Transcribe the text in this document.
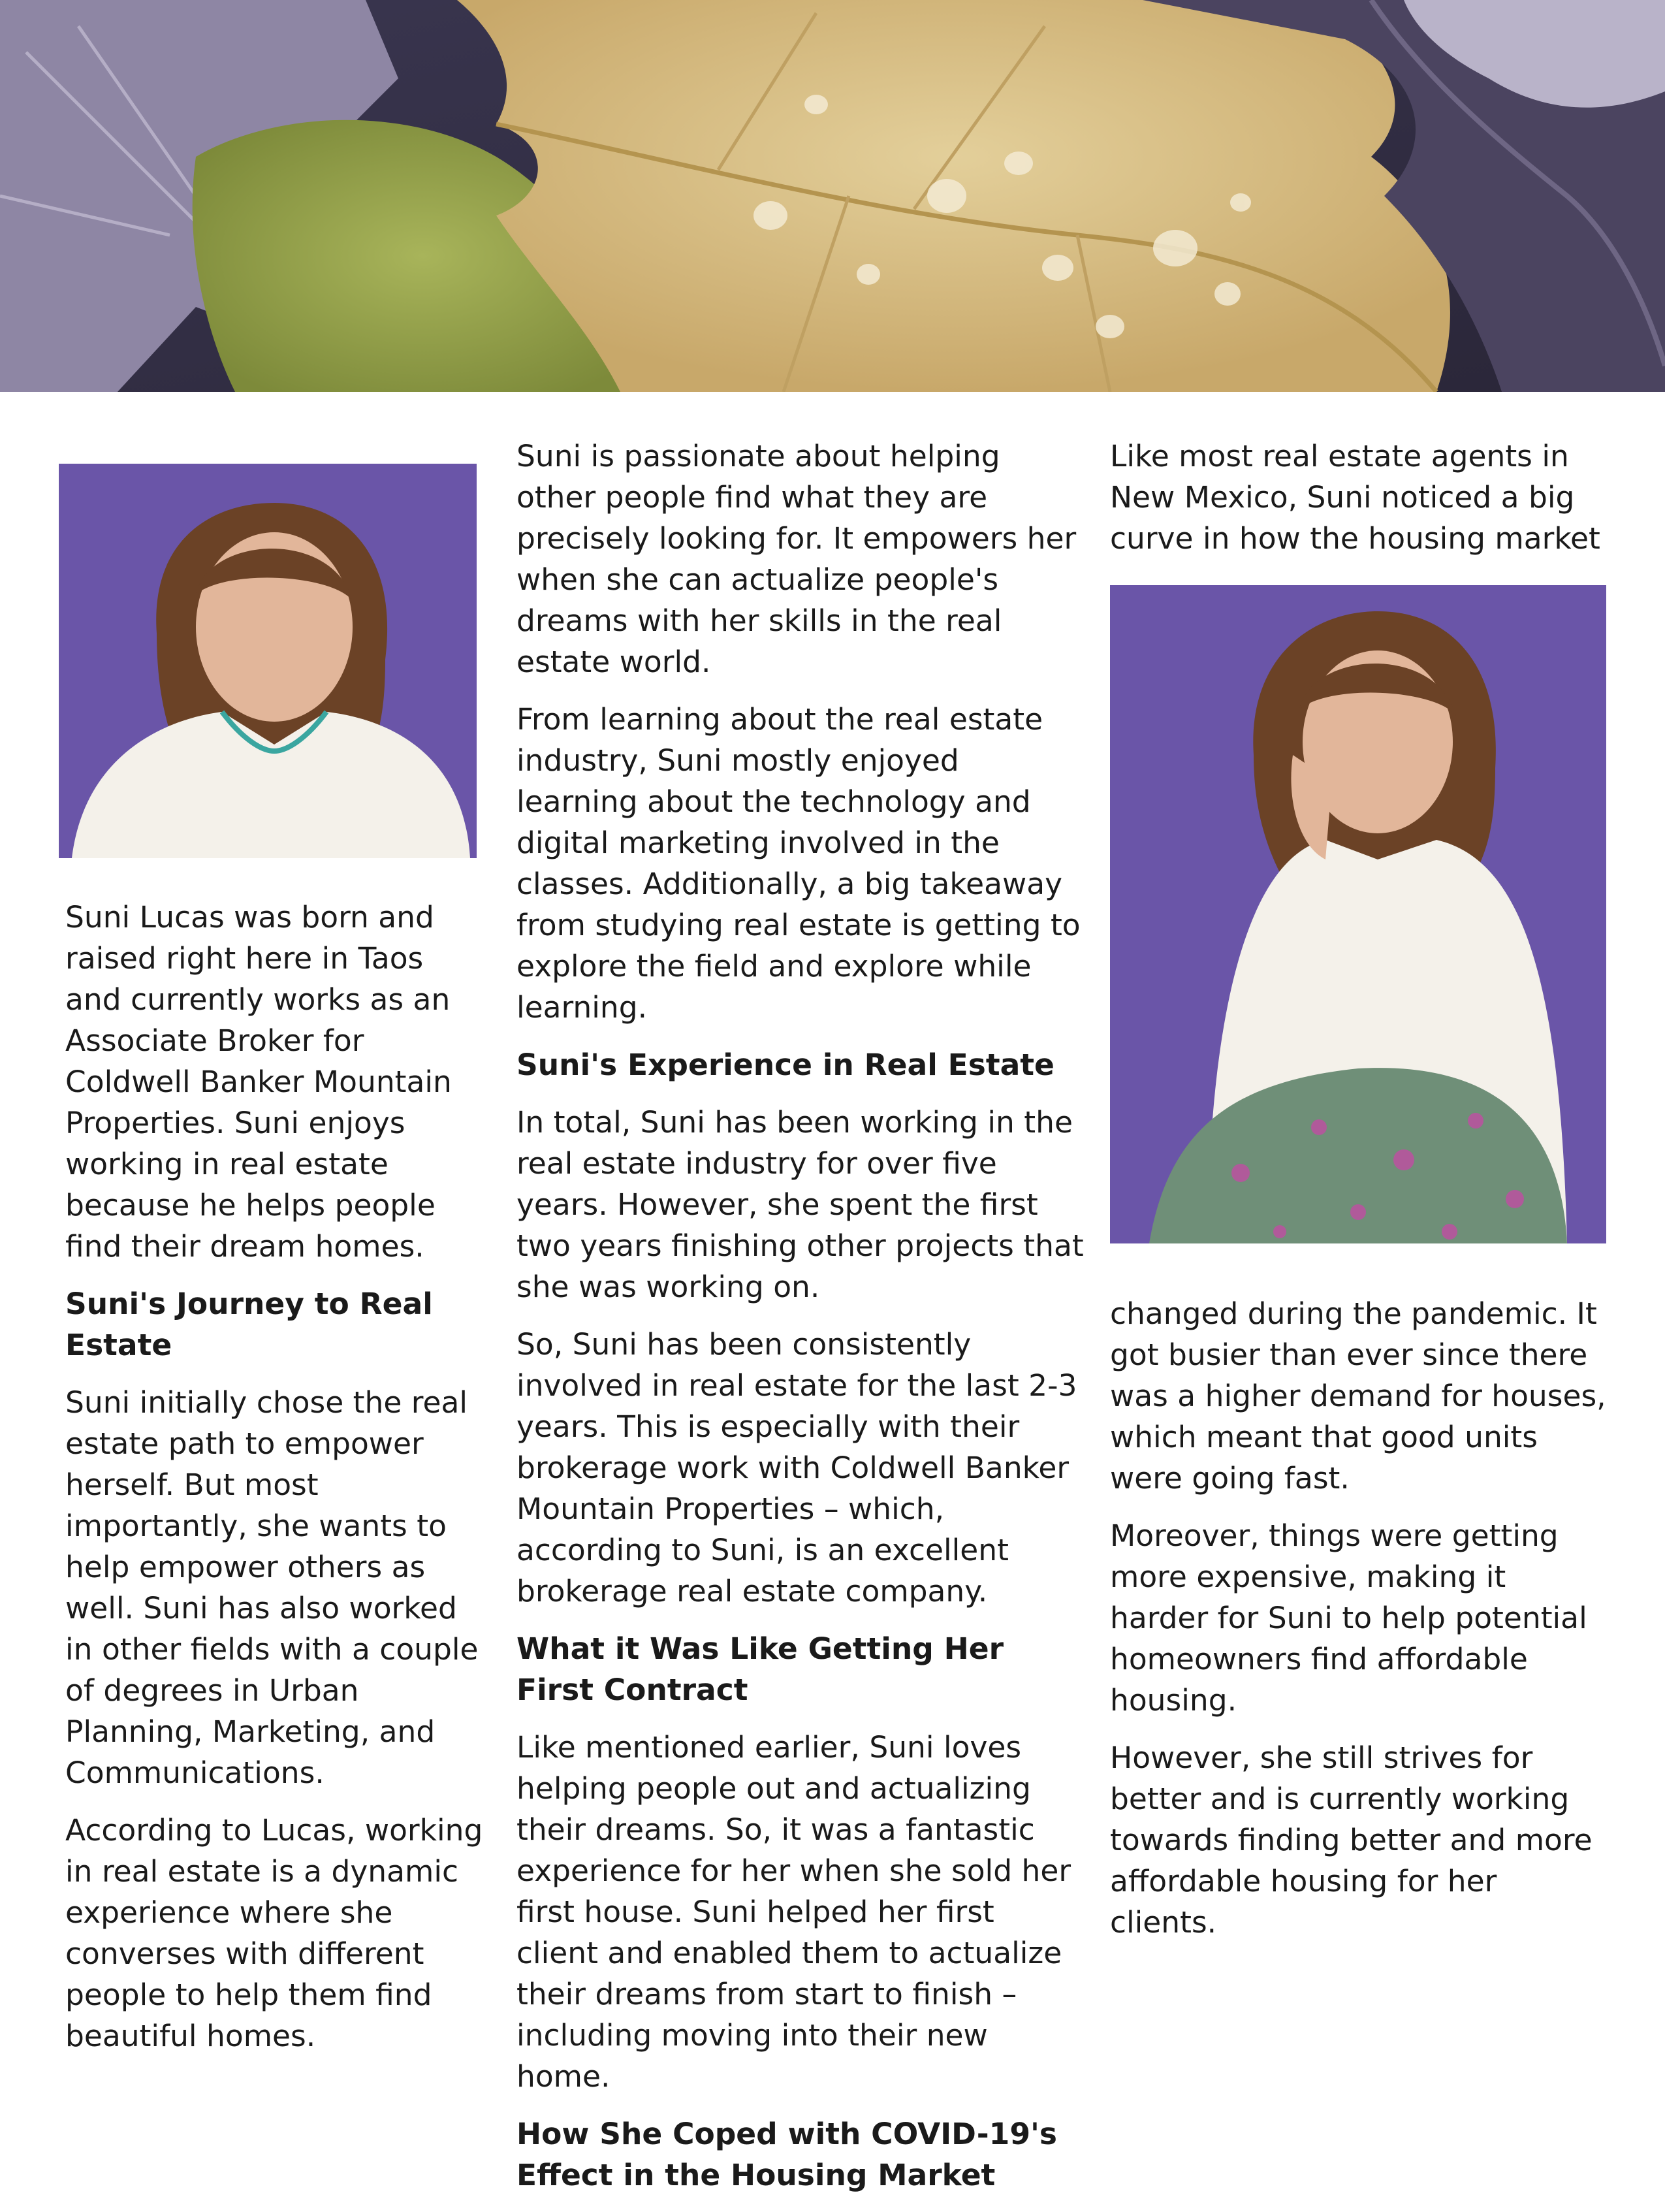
Suni Lucas was born and raised right here in Taos and currently works as an Associate Broker for Coldwell Banker Mountain Properties. Suni enjoys working in real estate because he helps people find their dream homes.

Suni's Journey to Real Estate

Suni initially chose the real estate path to empower herself. But most importantly, she wants to help empower others as well. Suni has also worked in other fields with a couple of degrees in Urban Planning, Marketing, and Communications.

According to Lucas, working in real estate is a dynamic experience where she converses with different people to help them find beautiful homes.

Suni is passionate about helping other people find what they are precisely looking for. It empowers her when she can actualize people's dreams with her skills in the real estate world.

From learning about the real estate industry, Suni mostly enjoyed learning about the technology and digital marketing involved in the classes. Additionally, a big takeaway from studying real estate is getting to explore the field and explore while learning.

Suni's Experience in Real Estate

In total, Suni has been working in the real estate industry for over five years. However, she spent the first two years finishing other projects that she was working on.

So, Suni has been consistently involved in real estate for the last 2-3 years. This is especially with their brokerage work with Coldwell Banker Mountain Properties – which, according to Suni, is an excellent brokerage real estate company.

What it Was Like Getting Her First Contract

Like mentioned earlier, Suni loves helping people out and actualizing their dreams. So, it was a fantastic experience for her when she sold her first house. Suni helped her first client and enabled them to actualize their dreams from start to finish – including moving into their new home.

How She Coped with COVID-19's Effect in the Housing Market

Like most real estate agents in New Mexico, Suni noticed a big curve in how the housing market

changed during the pandemic. It got busier than ever since there was a higher demand for houses, which meant that good units were going fast.

Moreover, things were getting more expensive, making it harder for Suni to help potential homeowners find affordable housing.

However, she still strives for better and is currently working towards finding better and more affordable housing for her clients.
